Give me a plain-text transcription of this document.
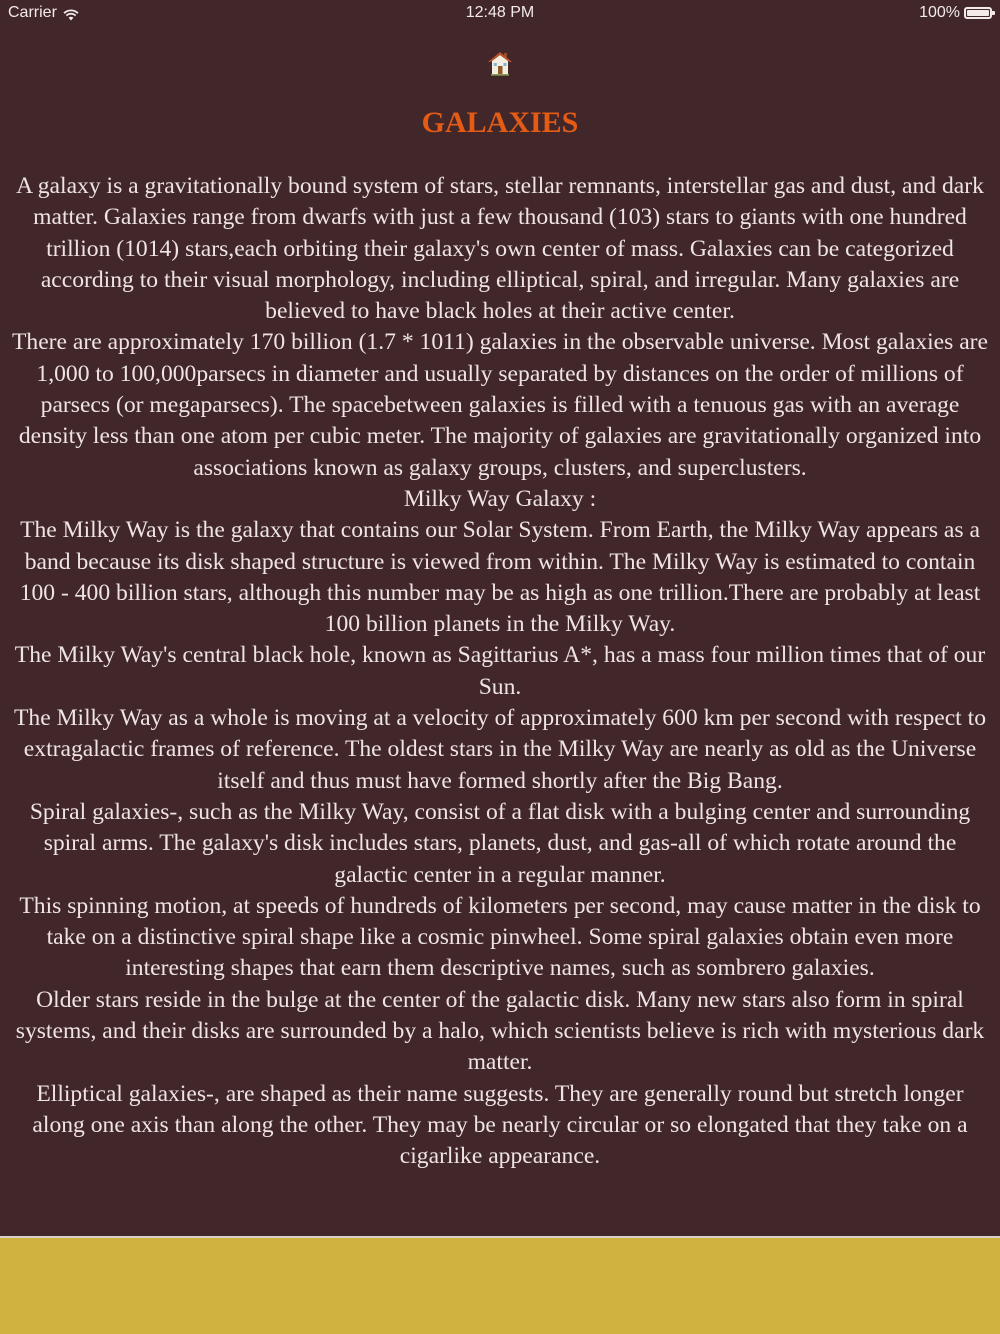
Carrier	12:48 PM	100%
GALAXIES

A galaxy is a gravitationally bound system of stars, stellar remnants, interstellar gas and dust, and dark matter. Galaxies range from dwarfs with just a few thousand (103) stars to giants with one hundred trillion (1014) stars,each orbiting their galaxy's own center of mass. Galaxies can be categorized according to their visual morphology, including elliptical, spiral, and irregular. Many galaxies are believed to have black holes at their active center.

There are approximately 170 billion (1.7 * 1011) galaxies in the observable universe. Most galaxies are 1,000 to 100,000parsecs in diameter and usually separated by distances on the order of millions of parsecs (or megaparsecs). The spacebetween galaxies is filled with a tenuous gas with an average density less than one atom per cubic meter. The majority of galaxies are gravitationally organized into associations known as galaxy groups, clusters, and superclusters.

Milky Way Galaxy :

The Milky Way is the galaxy that contains our Solar System. From Earth, the Milky Way appears as a band because its disk shaped structure is viewed from within. The Milky Way is estimated to contain 100 - 400 billion stars, although this number may be as high as one trillion.There are probably at least 100 billion planets in the Milky Way.

The Milky Way's central black hole, known as Sagittarius A*, has a mass four million times that of our Sun.

The Milky Way as a whole is moving at a velocity of approximately 600 km per second with respect to extragalactic frames of reference. The oldest stars in the Milky Way are nearly as old as the Universe itself and thus must have formed shortly after the Big Bang.

Spiral galaxies-, such as the Milky Way, consist of a flat disk with a bulging center and surrounding spiral arms. The galaxy's disk includes stars, planets, dust, and gas-all of which rotate around the galactic center in a regular manner.

This spinning motion, at speeds of hundreds of kilometers per second, may cause matter in the disk to take on a distinctive spiral shape like a cosmic pinwheel. Some spiral galaxies obtain even more interesting shapes that earn them descriptive names, such as sombrero galaxies.

Older stars reside in the bulge at the center of the galactic disk. Many new stars also form in spiral systems, and their disks are surrounded by a halo, which scientists believe is rich with mysterious dark matter.

Elliptical galaxies-, are shaped as their name suggests. They are generally round but stretch longer along one axis than along the other. They may be nearly circular or so elongated that they take on a cigarlike appearance.
